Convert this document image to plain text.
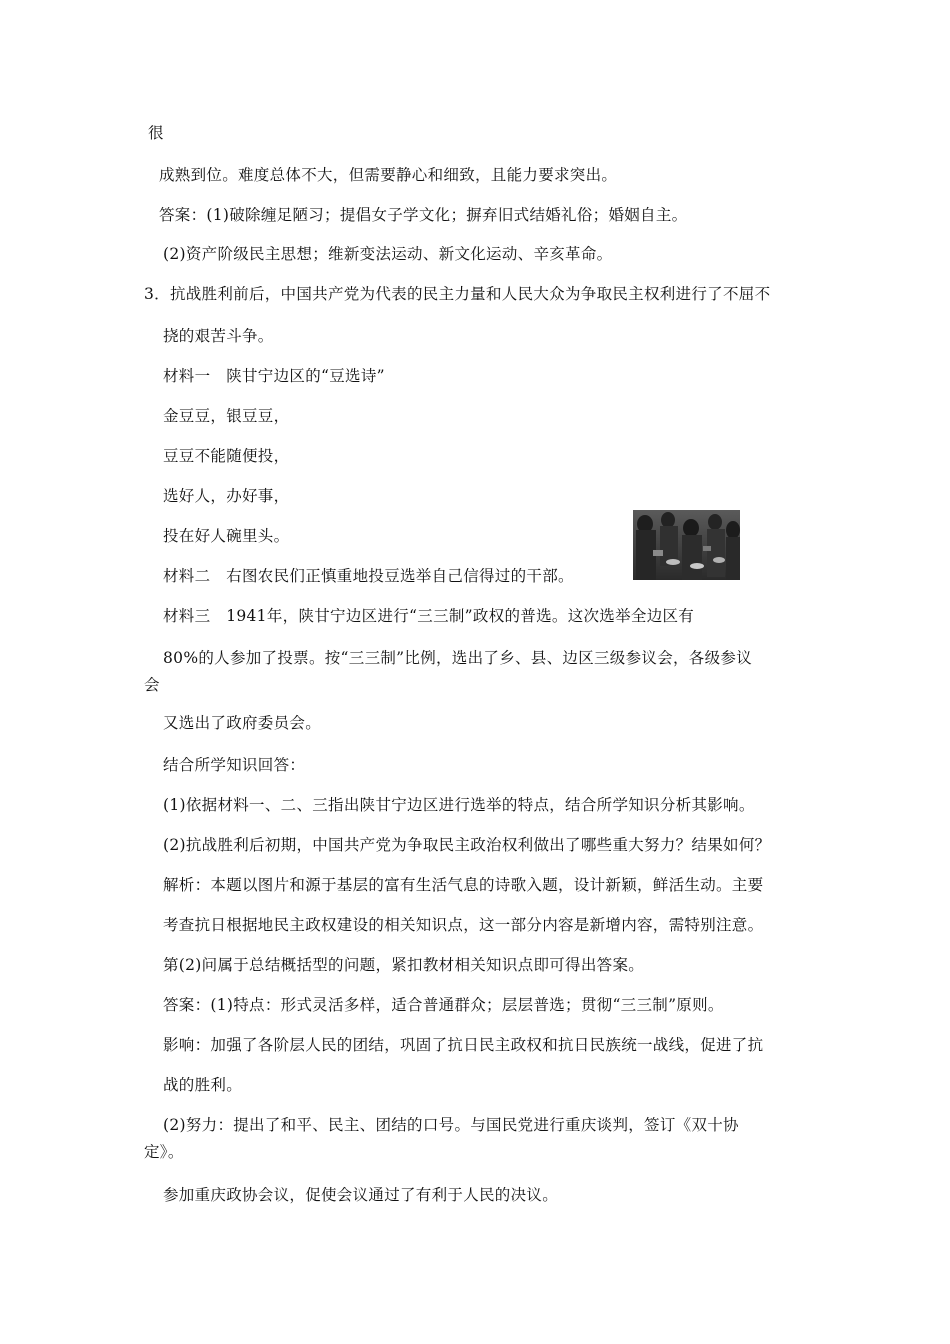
很
成熟到位。难度总体不大，但需要静心和细致，且能力要求突出。
答案：(1)破除缠足陋习；提倡女子学文化；摒弃旧式结婚礼俗；婚姻自主。
(2)资产阶级民主思想；维新变法运动、新文化运动、辛亥革命。
3．抗战胜利前后，中国共产党为代表的民主力量和人民大众为争取民主权利进行了不屈不
挠的艰苦斗争。
材料一　陕甘宁边区的“豆选诗”
金豆豆，银豆豆，
豆豆不能随便投，
选好人，办好事，
投在好人碗里头。
材料二　右图农民们正慎重地投豆选举自己信得过的干部。
材料三　1941年，陕甘宁边区进行“三三制”政权的普选。这次选举全边区有
80%的人参加了投票。按“三三制”比例，选出了乡、县、边区三级参议会，各级参议
会
又选出了政府委员会。
结合所学知识回答：
(1)依据材料一、二、三指出陕甘宁边区进行选举的特点，结合所学知识分析其影响。
(2)抗战胜利后初期，中国共产党为争取民主政治权利做出了哪些重大努力？结果如何？
解析：本题以图片和源于基层的富有生活气息的诗歌入题，设计新颖，鲜活生动。主要
考查抗日根据地民主政权建设的相关知识点，这一部分内容是新增内容，需特别注意。
第(2)问属于总结概括型的问题，紧扣教材相关知识点即可得出答案。
答案：(1)特点：形式灵活多样，适合普通群众；层层普选；贯彻“三三制”原则。
影响：加强了各阶层人民的团结，巩固了抗日民主政权和抗日民族统一战线，促进了抗
战的胜利。
(2)努力：提出了和平、民主、团结的口号。与国民党进行重庆谈判，签订《双十协
定》。
参加重庆政协会议，促使会议通过了有利于人民的决议。
